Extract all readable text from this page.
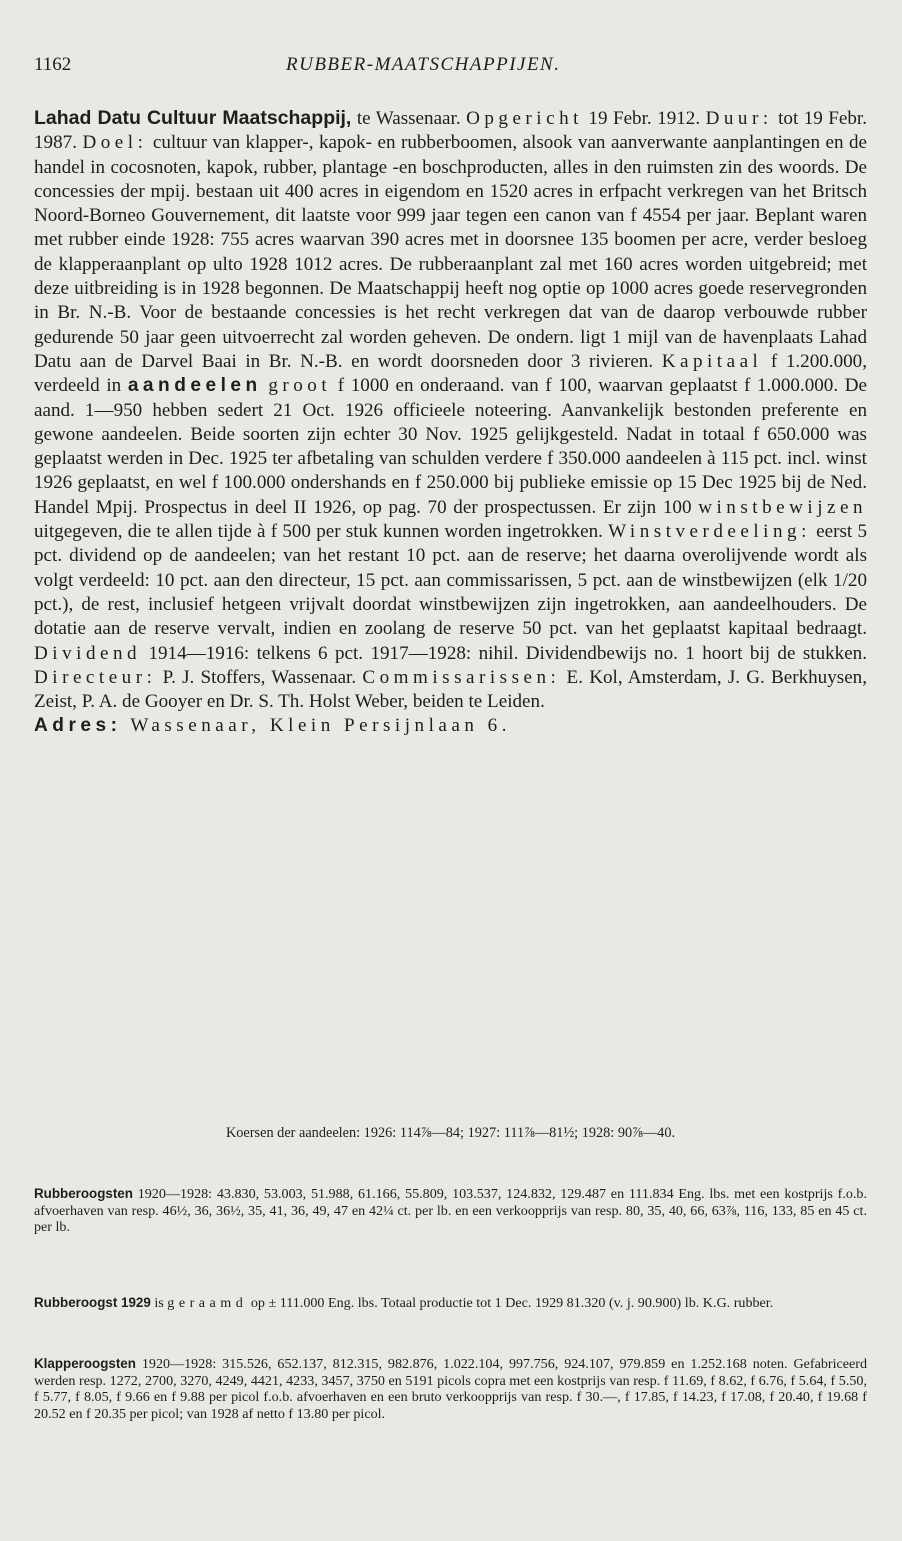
1162	RUBBER-MAATSCHAPPIJEN.

Lahad Datu Cultuur Maatschappij, te Wassenaar. Opgericht 19 Febr. 1912. Duur: tot 19 Febr. 1987. Doel: cultuur van klapper-, kapok- en rubberboomen, alsook van aanverwante aanplantingen en de handel in cocosnoten, kapok, rubber, plantage -en boschproducten, alles in den ruimsten zin des woords. De concessies der mpij. bestaan uit 400 acres in eigendom en 1520 acres in erfpacht verkregen van het Britsch Noord-Borneo Gouvernement, dit laatste voor 999 jaar tegen een canon van f 4554 per jaar. Beplant waren met rubber einde 1928: 755 acres waarvan 390 acres met in doorsnee 135 boomen per acre, verder besloeg de klapperaanplant op ulto 1928 1012 acres. De rubberaanplant zal met 160 acres worden uitgebreid; met deze uitbreiding is in 1928 begonnen. De Maatschappij heeft nog optie op 1000 acres goede reservegronden in Br. N.-B. Voor de bestaande concessies is het recht verkregen dat van de daarop verbouwde rubber gedurende 50 jaar geen uitvoerrecht zal worden geheven. De ondern. ligt 1 mijl van de havenplaats Lahad Datu aan de Darvel Baai in Br. N.-B. en wordt doorsneden door 3 rivieren. Kapitaal f 1.200.000, verdeeld in aandeelen groot f 1000 en onderaand. van f 100, waarvan geplaatst f 1.000.000. De aand. 1—950 hebben sedert 21 Oct. 1926 officieele noteering. Aanvankelijk bestonden preferente en gewone aandeelen. Beide soorten zijn echter 30 Nov. 1925 gelijkgesteld. Nadat in totaal f 650.000 was geplaatst werden in Dec. 1925 ter afbetaling van schulden verdere f 350.000 aandeelen à 115 pct. incl. winst 1926 geplaatst, en wel f 100.000 ondershands en f 250.000 bij publieke emissie op 15 Dec 1925 bij de Ned. Handel Mpij. Prospectus in deel II 1926, op pag. 70 der prospectussen. Er zijn 100 winstbewijzen uitgegeven, die te allen tijde à f 500 per stuk kunnen worden ingetrokken. Winstverdeeling: eerst 5 pct. dividend op de aandeelen; van het restant 10 pct. aan de reserve; het daarna overolijvende wordt als volgt verdeeld: 10 pct. aan den directeur, 15 pct. aan commissarissen, 5 pct. aan de winstbewijzen (elk 1/20 pct.), de rest, inclusief hetgeen vrijvalt doordat winstbewijzen zijn ingetrokken, aan aandeelhouders. De dotatie aan de reserve vervalt, indien en zoolang de reserve 50 pct. van het geplaatst kapitaal bedraagt. Dividend 1914—1916: telkens 6 pct. 1917—1928: nihil. Dividendbewijs no. 1 hoort bij de stukken. Directeur: P. J. Stoffers, Wassenaar. Commissarissen: E. Kol, Amsterdam, J. G. Berkhuysen, Zeist, P. A. de Gooyer en Dr. S. Th. Holst Weber, beiden te Leiden.

Adres: Wassenaar, Klein Persijnlaan 6.

Koersen der aandeelen: 1926: 114⅞—84; 1927: 111⅞—81½; 1928: 90⅞—40.

Rubberoogsten 1920—1928: 43.830, 53.003, 51.988, 61.166, 55.809, 103.537, 124.832, 129.487 en 111.834 Eng. lbs. met een kostprijs f.o.b. afvoerhaven van resp. 46½, 36, 36½, 35, 41, 36, 49, 47 en 42¼ ct. per lb. en een verkoopprijs van resp. 80, 35, 40, 66, 63⅞, 116, 133, 85 en 45 ct. per lb.

Rubberoogst 1929 is geraamd op ± 111.000 Eng. lbs. Totaal productie tot 1 Dec. 1929 81.320 (v. j. 90.900) lb. K.G. rubber.

Klapperoogsten 1920—1928: 315.526, 652.137, 812.315, 982.876, 1.022.104, 997.756, 924.107, 979.859 en 1.252.168 noten. Gefabriceerd werden resp. 1272, 2700, 3270, 4249, 4421, 4233, 3457, 3750 en 5191 picols copra met een kostprijs van resp. f 11.69, f 8.62, f 6.76, f 5.64, f 5.50, f 5.77, f 8.05, f 9.66 en f 9.88 per picol f.o.b. afvoerhaven en een bruto verkoopprijs van resp. f 30.—, f 17.85, f 14.23, f 17.08, f 20.40, f 19.68 f 20.52 en f 20.35 per picol; van 1928 af netto f 13.80 per picol.
